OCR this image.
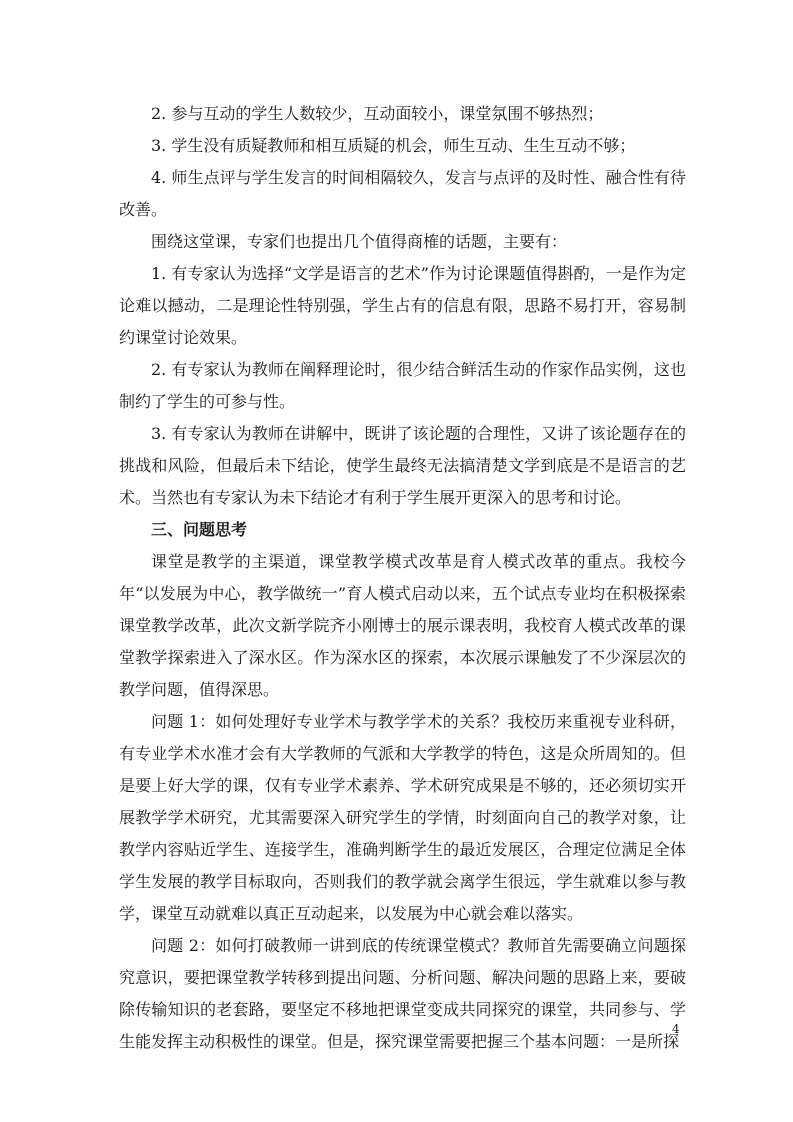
2. 参与互动的学生人数较少，互动面较小，课堂氛围不够热烈；

3. 学生没有质疑教师和相互质疑的机会，师生互动、生生互动不够；

4. 师生点评与学生发言的时间相隔较久，发言与点评的及时性、融合性有待改善。

围绕这堂课，专家们也提出几个值得商榷的话题，主要有：

1. 有专家认为选择“文学是语言的艺术”作为讨论课题值得斟酌，一是作为定论难以撼动，二是理论性特别强，学生占有的信息有限，思路不易打开，容易制约课堂讨论效果。

2. 有专家认为教师在阐释理论时，很少结合鲜活生动的作家作品实例，这也制约了学生的可参与性。

3. 有专家认为教师在讲解中，既讲了该论题的合理性，又讲了该论题存在的挑战和风险，但最后未下结论，使学生最终无法搞清楚文学到底是不是语言的艺术。当然也有专家认为未下结论才有利于学生展开更深入的思考和讨论。

三、问题思考

课堂是教学的主渠道，课堂教学模式改革是育人模式改革的重点。我校今年“以发展为中心，教学做统一”育人模式启动以来，五个试点专业均在积极探索课堂教学改革，此次文新学院齐小刚博士的展示课表明，我校育人模式改革的课堂教学探索进入了深水区。作为深水区的探索，本次展示课触发了不少深层次的教学问题，值得深思。

问题 1：如何处理好专业学术与教学学术的关系？我校历来重视专业科研，有专业学术水准才会有大学教师的气派和大学教学的特色，这是众所周知的。但是要上好大学的课，仅有专业学术素养、学术研究成果是不够的，还必须切实开展教学学术研究，尤其需要深入研究学生的学情，时刻面向自己的教学对象，让教学内容贴近学生、连接学生，准确判断学生的最近发展区，合理定位满足全体学生发展的教学目标取向，否则我们的教学就会离学生很远，学生就难以参与教学，课堂互动就难以真正互动起来，以发展为中心就会难以落实。

问题 2：如何打破教师一讲到底的传统课堂模式？教师首先需要确立问题探究意识，要把课堂教学转移到提出问题、分析问题、解决问题的思路上来，要破除传输知识的老套路，要坚定不移地把课堂变成共同探究的课堂，共同参与、学生能发挥主动积极性的课堂。但是，探究课堂需要把握三个基本问题：一是所探

4
